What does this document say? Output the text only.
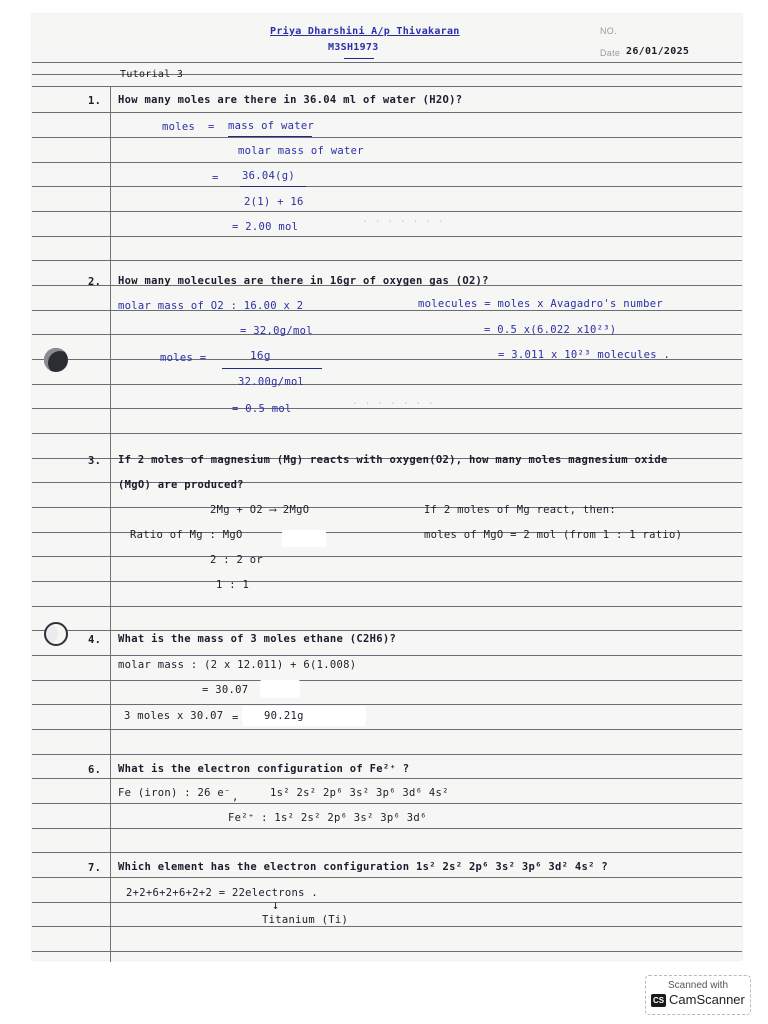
. . . . . . .
. . . . . . .
Priya Dharshini A/p Thivakaran
M3SH1973
NO.
Date 26/01/2025
Tutorial 3
1. How many moles are there in 36.04 ml of water (H2O)?
moles = mass of water
molar mass of water
= 36.04(g)
2(1) + 16
= 2.00 mol
2. How many molecules are there in 16gr of oxygen gas (O2)?
molar mass of O2 : 16.00 x 2
= 32.0g/mol
moles =	16g
32.00g/mol
= 0.5 mol
molecules = moles x Avagadro's number
= 0.5 x(6.022 x10²³)
= 3.011 x 10²³ molecules .
3. If 2 moles of magnesium (Mg) reacts with oxygen(O2), how many moles magnesium oxide
(MgO) are produced?
2Mg + O2 ⟶ 2MgO
Ratio of Mg : MgO
2 : 2 or
1 : 1
If 2 moles of Mg react, then:
moles of MgO = 2 mol (from 1 : 1 ratio)
4. What is the mass of 3 moles ethane (C2H6)?
molar mass : (2 x 12.011) + 6(1.008)
= 30.07
3 moles x 30.07 = 90.21g
6. What is the electron configuration of Fe²⁺ ?
Fe (iron) : 26 e⁻ ,	1s² 2s² 2p⁶ 3s² 3p⁶ 3d⁶ 4s²
Fe²⁺ : 1s² 2s² 2p⁶ 3s² 3p⁶ 3d⁶
7. Which element has the electron configuration 1s² 2s² 2p⁶ 3s² 3p⁶ 3d² 4s² ?
2+2+6+2+6+2+2 = 22electrons .
↓
Titanium (Ti)
Scanned with
CS CamScanner
